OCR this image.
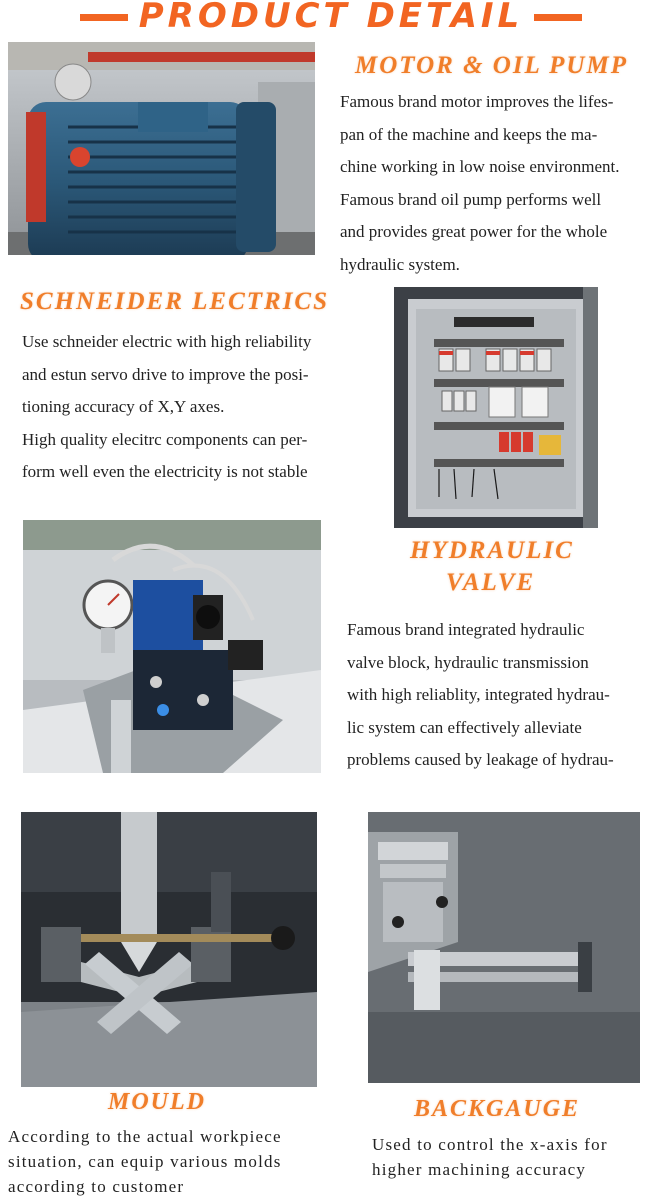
PRODUCT DETAIL
MOTOR & OIL PUMP
Famous brand motor improves the lifes-
pan of the machine and keeps the ma-
chine working in low noise environment.
Famous brand oil pump performs well
and provides great power for the whole
hydraulic system.
SCHNEIDER LECTRICS
Use schneider electric with high reliability
and estun servo drive to improve the posi-
tioning accuracy of X,Y axes.
High quality elecitrc components can per-
form well even the electricity is not stable
HYDRAULIC
VALVE
Famous brand integrated hydraulic
valve block, hydraulic transmission
with high reliablity, integrated hydrau-
lic system can effectively alleviate
problems caused by leakage of hydrau-
MOULD
According to the actual workpiece
situation, can equip various molds
according to customer
BACKGAUGE
Used to control the x-axis for
higher machining accuracy
